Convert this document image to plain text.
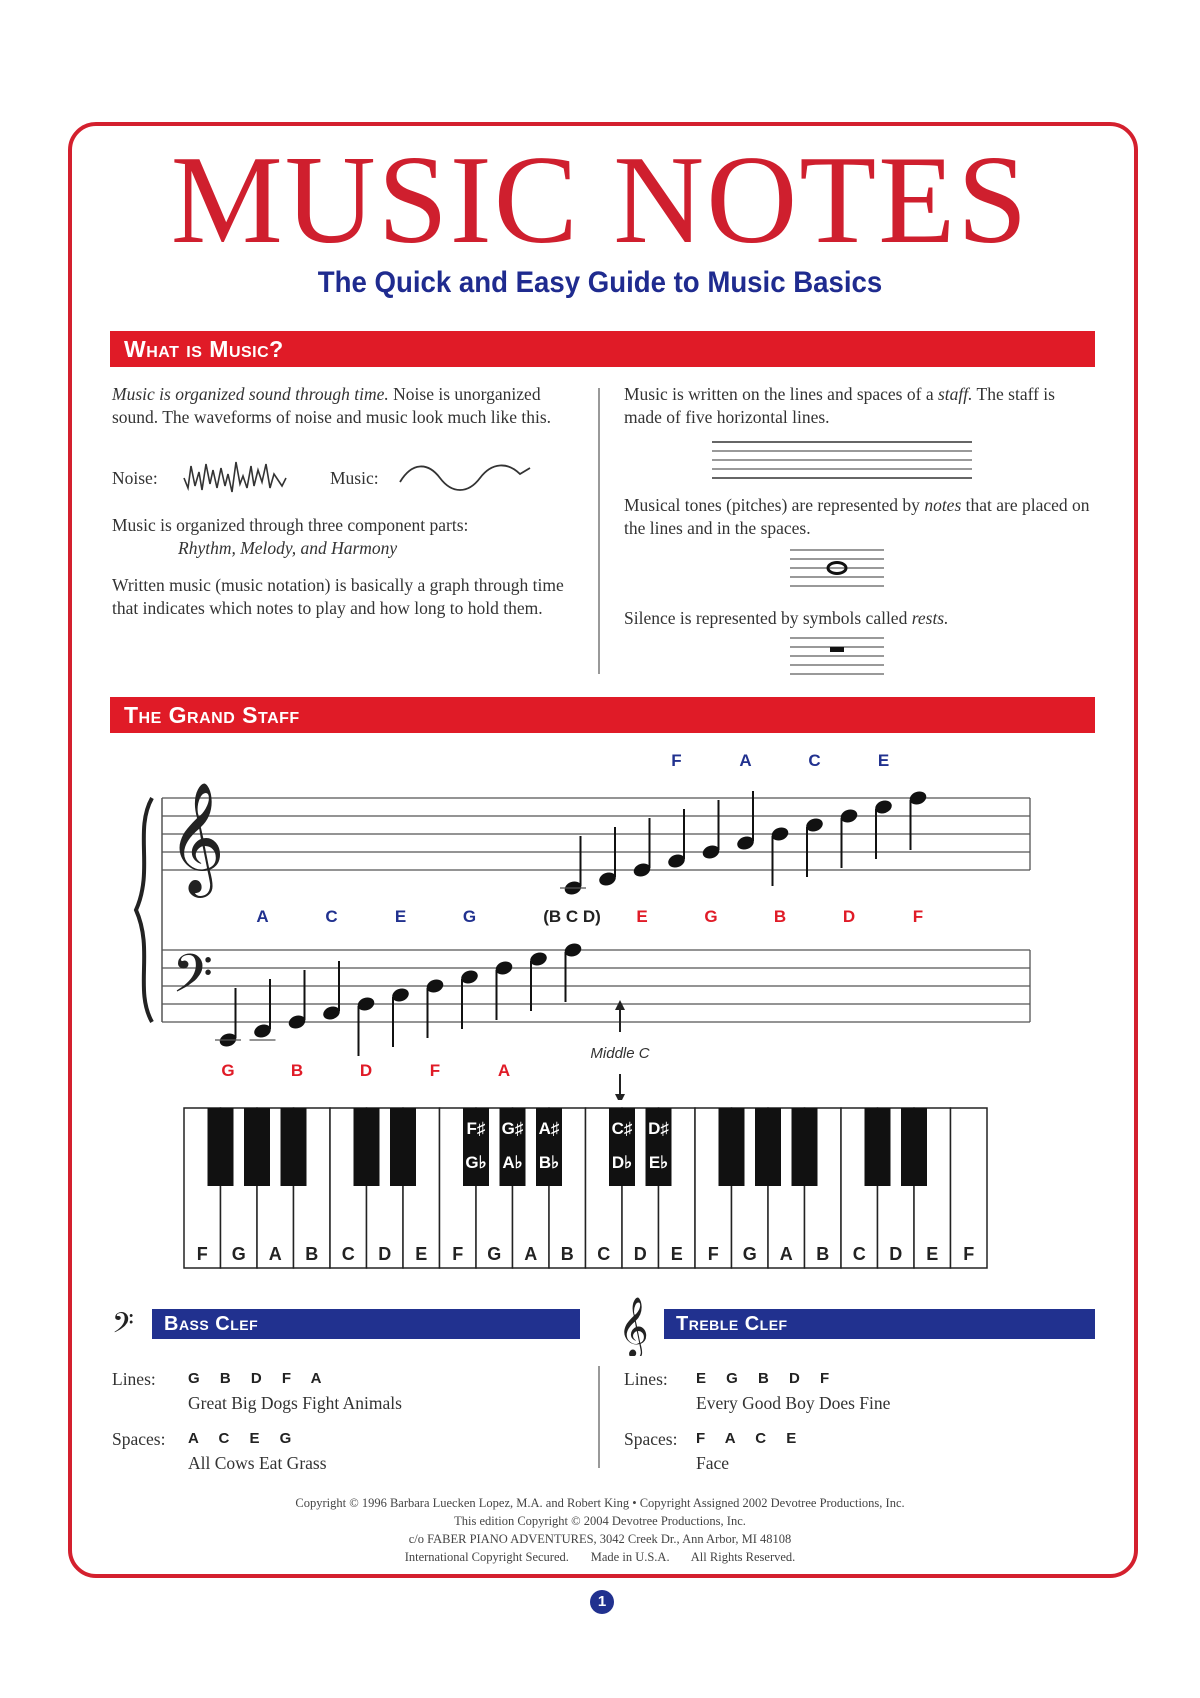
MUSIC NOTES
The Quick and Easy Guide to Music Basics
What is Music?
Music is organized sound through time. Noise is unorganized sound. The waveforms of noise and music look much like this.
Noise:	Music:
Music is organized through three component parts:
Rhythm, Melody, and Harmony
Written music (music notation) is basically a graph through time that indicates which notes to play and how long to hold them.
Music is written on the lines and spaces of a staff. The staff is made of five horizontal lines.
Musical tones (pitches) are represented by notes that are placed on the lines and in the spaces.
Silence is represented by symbols called rests.
The Grand Staff
𝄞
𝄢
G	B	D	F	A
A	C	E	G	(B C D) E	G	B	D	F
F	A	C	E
Middle C
F G A B C D E F G A B C D E F G A B C D E F
F♯
G♭
G♯
A♭
A♯
B♭
C♯
D♭
D♯
E♭
𝄢	Bass Clef	𝄞	Treble Clef
Lines: G B D F A
Great Big Dogs Fight Animals
Spaces: A C E G
All Cows Eat Grass
Lines: E G B D F
Every Good Boy Does Fine
Spaces: F A C E
Face
Copyright © 1996 Barbara Luecken Lopez, M.A. and Robert King • Copyright Assigned 2002 Devotree Productions, Inc.
This edition Copyright © 2004 Devotree Productions, Inc.
c/o FABER PIANO ADVENTURES, 3042 Creek Dr., Ann Arbor, MI 48108
International Copyright Secured. Made in U.S.A. All Rights Reserved.
1
